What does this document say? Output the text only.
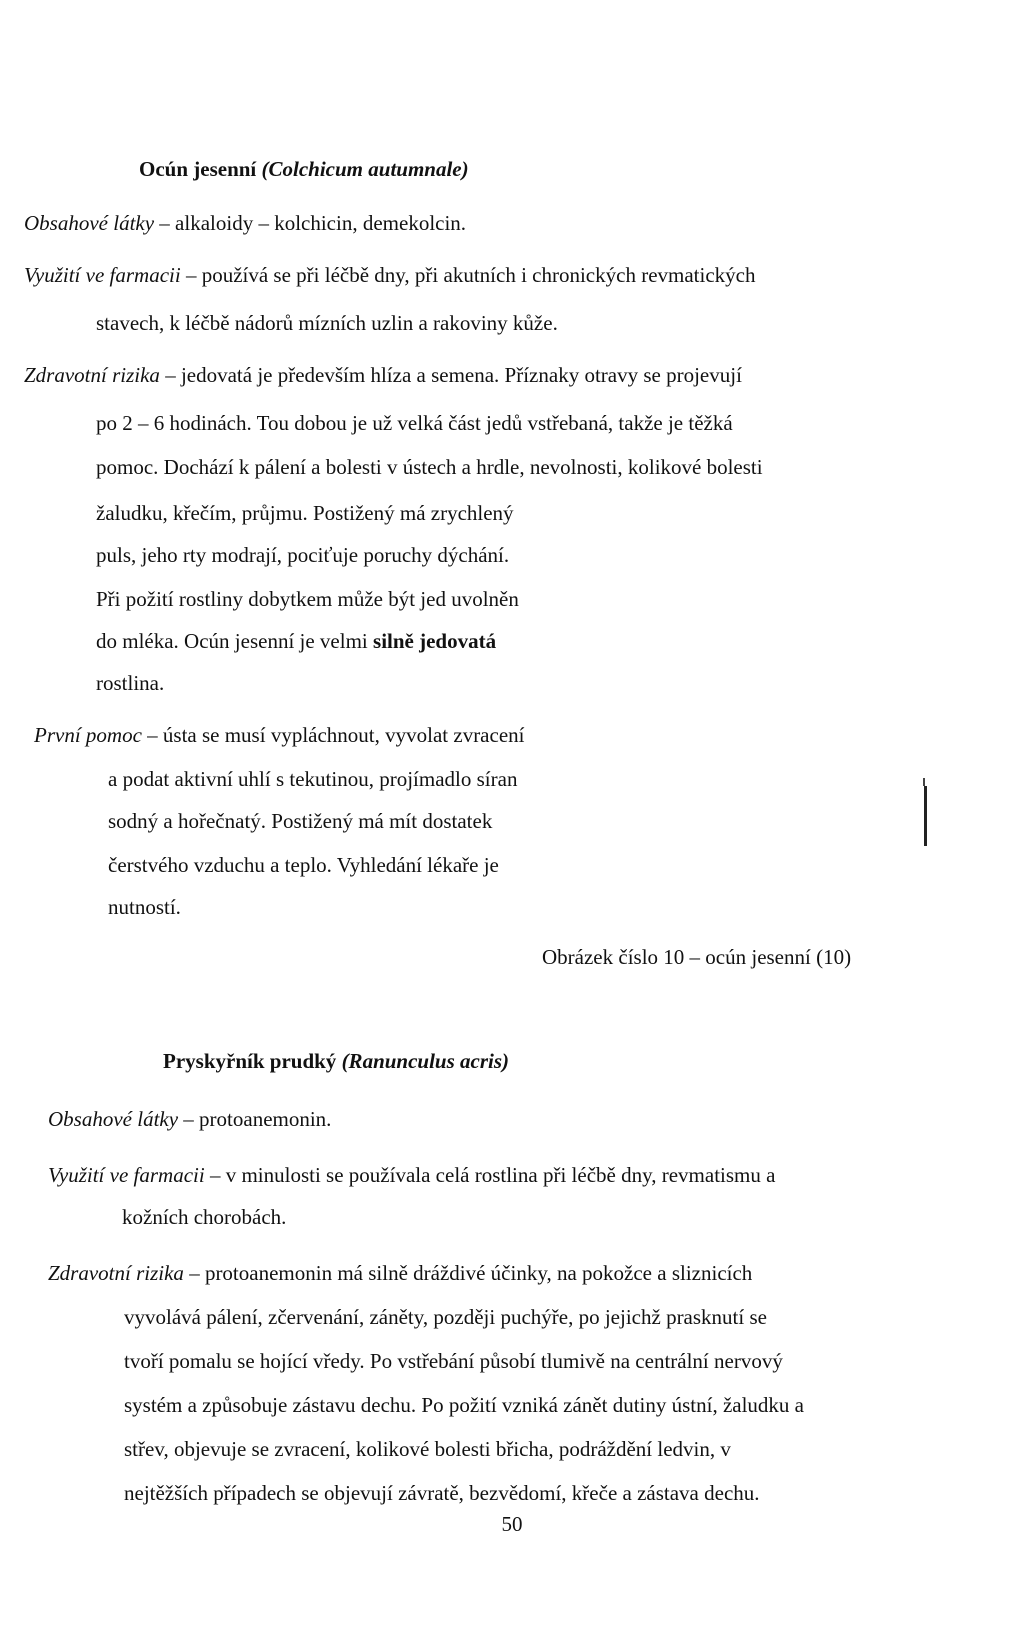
Ocún jesenní (Colchicum autumnale)
Obsahové látky – alkaloidy – kolchicin, demekolcin.
Využití ve farmacii – používá se při léčbě dny, při akutních i chronických revmatických
stavech, k léčbě nádorů mízních uzlin a rakoviny kůže.
Zdravotní rizika – jedovatá je především hlíza a semena. Příznaky otravy se projevují
po 2 – 6 hodinách. Tou dobou je už velká část jedů vstřebaná, takže je těžká
pomoc. Dochází k pálení a bolesti v ústech a hrdle, nevolnosti, kolikové bolesti
žaludku, křečím, průjmu. Postižený má zrychlený
puls, jeho rty modrají, pociťuje poruchy dýchání.
Při požití rostliny dobytkem může být jed uvolněn
do mléka. Ocún jesenní je velmi silně jedovatá
rostlina.
První pomoc – ústa se musí vypláchnout, vyvolat zvracení
a podat aktivní uhlí s tekutinou, projímadlo síran
sodný a hořečnatý. Postižený má mít dostatek
čerstvého vzduchu a teplo. Vyhledání lékaře je
nutností.
Obrázek číslo 10 – ocún jesenní (10)
Pryskyřník prudký (Ranunculus acris)
Obsahové látky – protoanemonin.
Využití ve farmacii – v minulosti se používala celá rostlina při léčbě dny, revmatismu a
kožních chorobách.
Zdravotní rizika – protoanemonin má silně dráždivé účinky, na pokožce a sliznicích
vyvolává pálení, zčervenání, záněty, později puchýře, po jejichž prasknutí se
tvoří pomalu se hojící vředy. Po vstřebání působí tlumivě na centrální nervový
systém a způsobuje zástavu dechu. Po požití vzniká zánět dutiny ústní, žaludku a
střev, objevuje se zvracení, kolikové bolesti břicha, podráždění ledvin, v
nejtěžších případech se objevují závratě, bezvědomí, křeče a zástava dechu.
50
